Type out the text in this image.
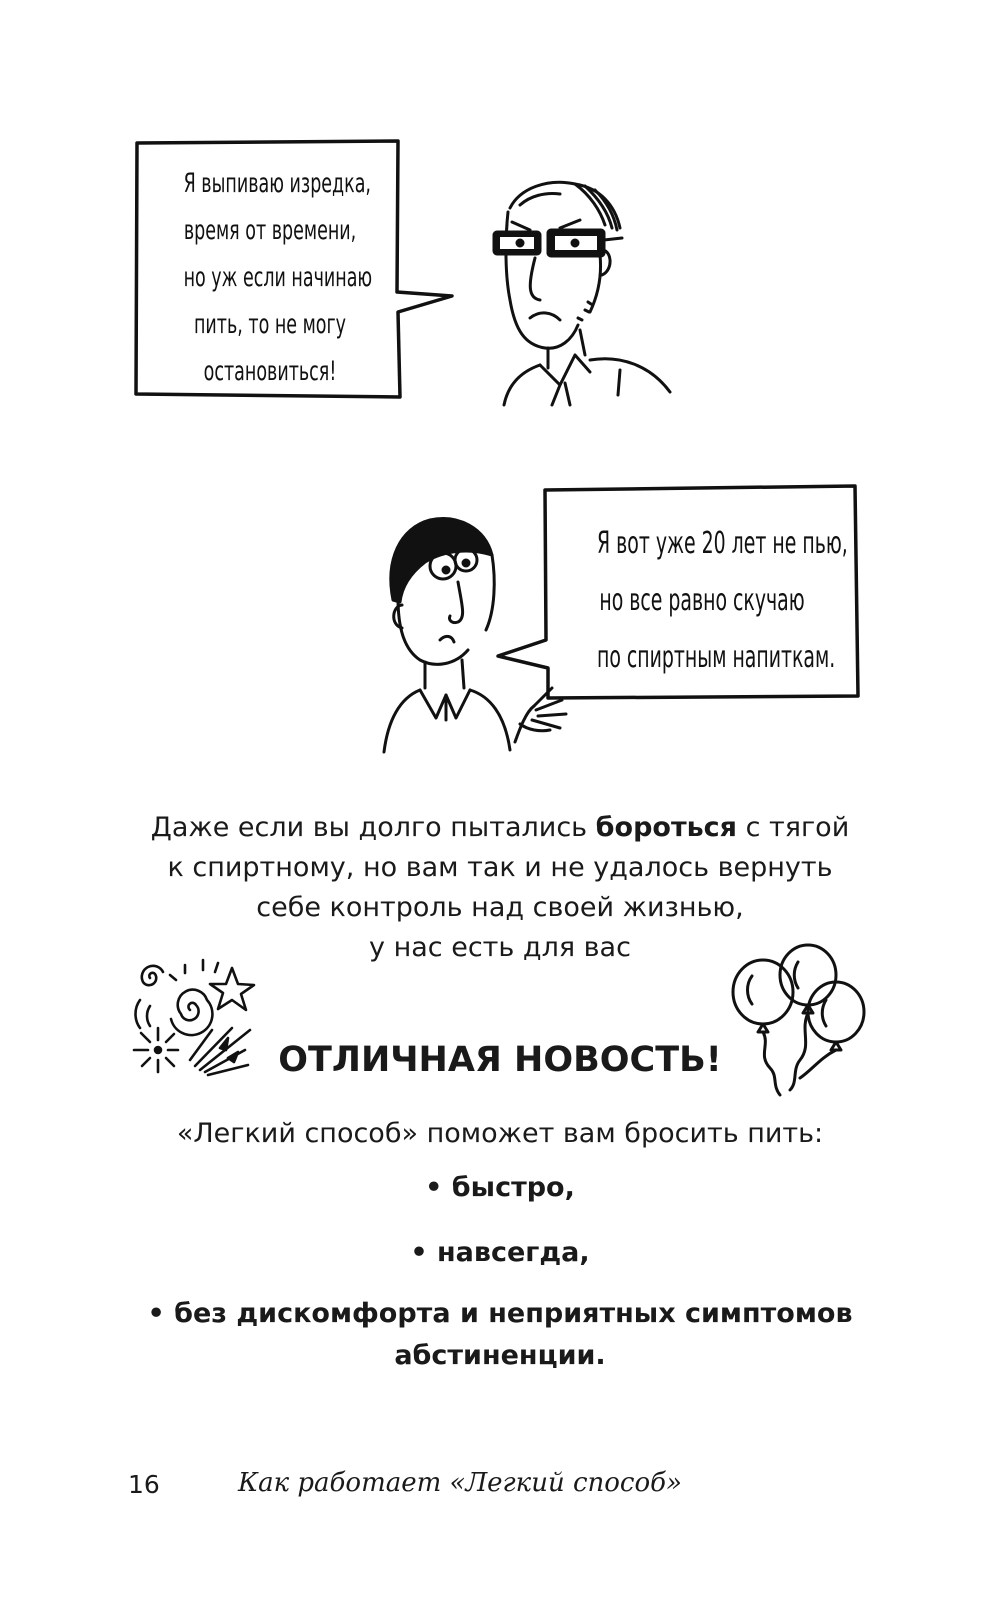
Я выпиваю изредка,
время от времени,
но уж если начинаю
пить, то не могу
остановиться!
Я вот уже 20 лет не пью,
но все равно скучаю
по спиртным напиткам.
Даже если вы долго пытались бороться с тягой
к спиртному, но вам так и не удалось вернуть
себе контроль над своей жизнью,
у нас есть для вас
ОТЛИЧНАЯ НОВОСТЬ!
«Легкий способ» поможет вам бросить пить:
• быстро,
• навсегда,
• без дискомфорта и неприятных симптомов
абстиненции.
16	Как работает «Легкий способ»
